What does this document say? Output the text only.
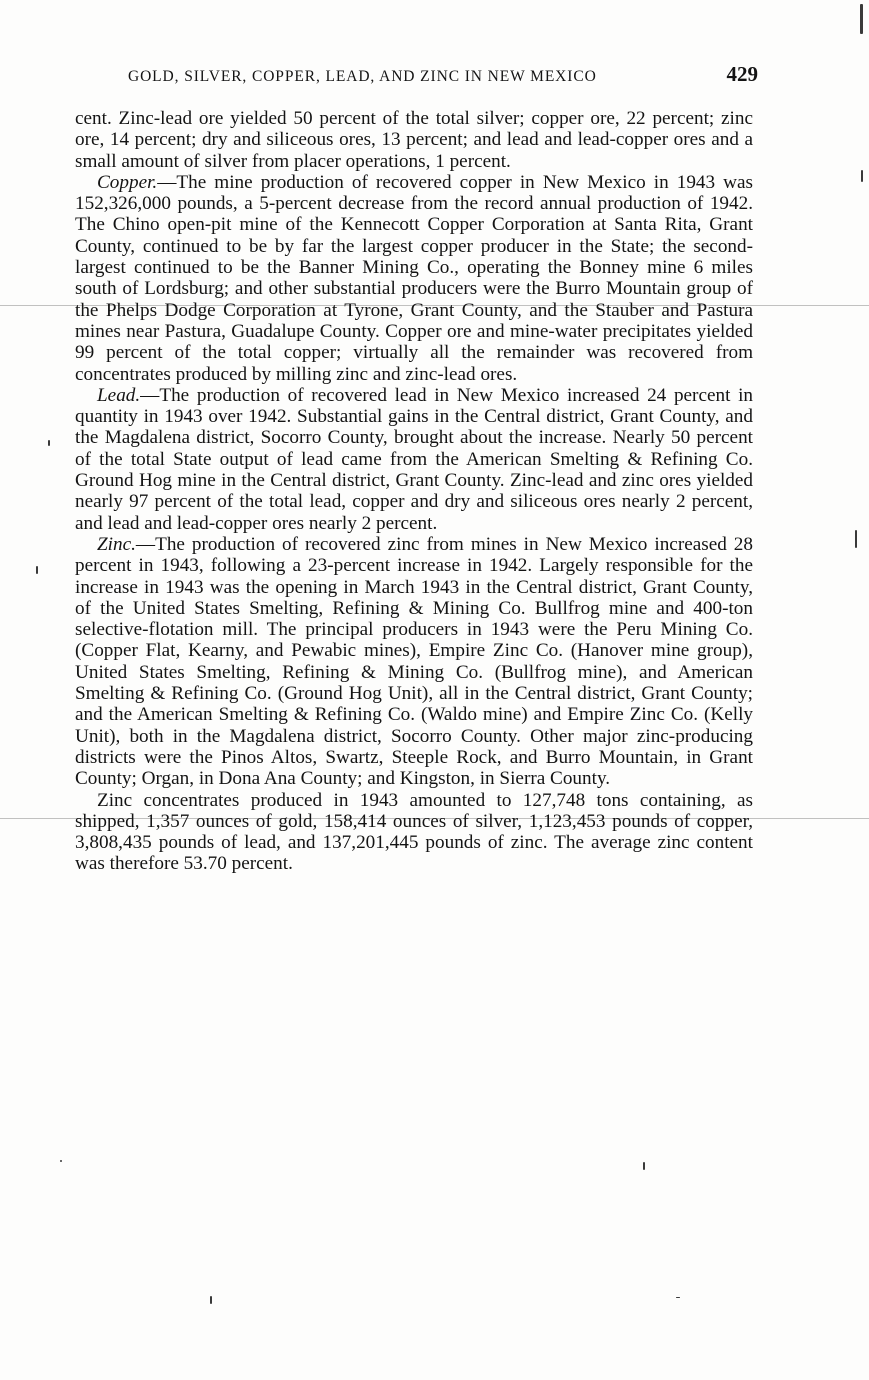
GOLD, SILVER, COPPER, LEAD, AND ZINC IN NEW MEXICO	429

cent. Zinc-lead ore yielded 50 percent of the total silver; copper ore, 22 percent; zinc ore, 14 percent; dry and siliceous ores, 13 percent; and lead and lead-copper ores and a small amount of silver from placer operations, 1 percent.

Copper.—The mine production of recovered copper in New Mexico in 1943 was 152,326,000 pounds, a 5-percent decrease from the record annual production of 1942. The Chino open-pit mine of the Kennecott Copper Corporation at Santa Rita, Grant County, continued to be by far the largest copper producer in the State; the second-largest continued to be the Banner Mining Co., operating the Bonney mine 6 miles south of Lordsburg; and other substantial producers were the Burro Mountain group of the Phelps Dodge Corporation at Tyrone, Grant County, and the Stauber and Pastura mines near Pastura, Guadalupe County. Copper ore and mine-water precipitates yielded 99 percent of the total copper; virtually all the remainder was recovered from concentrates produced by milling zinc and zinc-lead ores.

Lead.—The production of recovered lead in New Mexico increased 24 percent in quantity in 1943 over 1942. Substantial gains in the Central district, Grant County, and the Magdalena district, Socorro County, brought about the increase. Nearly 50 percent of the total State output of lead came from the American Smelting & Refining Co. Ground Hog mine in the Central district, Grant County. Zinc-lead and zinc ores yielded nearly 97 percent of the total lead, copper and dry and siliceous ores nearly 2 percent, and lead and lead-copper ores nearly 2 percent.

Zinc.—The production of recovered zinc from mines in New Mexico increased 28 percent in 1943, following a 23-percent increase in 1942. Largely responsible for the increase in 1943 was the opening in March 1943 in the Central district, Grant County, of the United States Smelting, Refining & Mining Co. Bullfrog mine and 400-ton selective-flotation mill. The principal producers in 1943 were the Peru Mining Co. (Copper Flat, Kearny, and Pewabic mines), Empire Zinc Co. (Hanover mine group), United States Smelting, Refining & Mining Co. (Bullfrog mine), and American Smelting & Refining Co. (Ground Hog Unit), all in the Central district, Grant County; and the American Smelting & Refining Co. (Waldo mine) and Empire Zinc Co. (Kelly Unit), both in the Magdalena district, Socorro County. Other major zinc-producing districts were the Pinos Altos, Swartz, Steeple Rock, and Burro Mountain, in Grant County; Organ, in Dona Ana County; and Kingston, in Sierra County.

Zinc concentrates produced in 1943 amounted to 127,748 tons containing, as shipped, 1,357 ounces of gold, 158,414 ounces of silver, 1,123,453 pounds of copper, 3,808,435 pounds of lead, and 137,201,445 pounds of zinc. The average zinc content was therefore 53.70 percent.
